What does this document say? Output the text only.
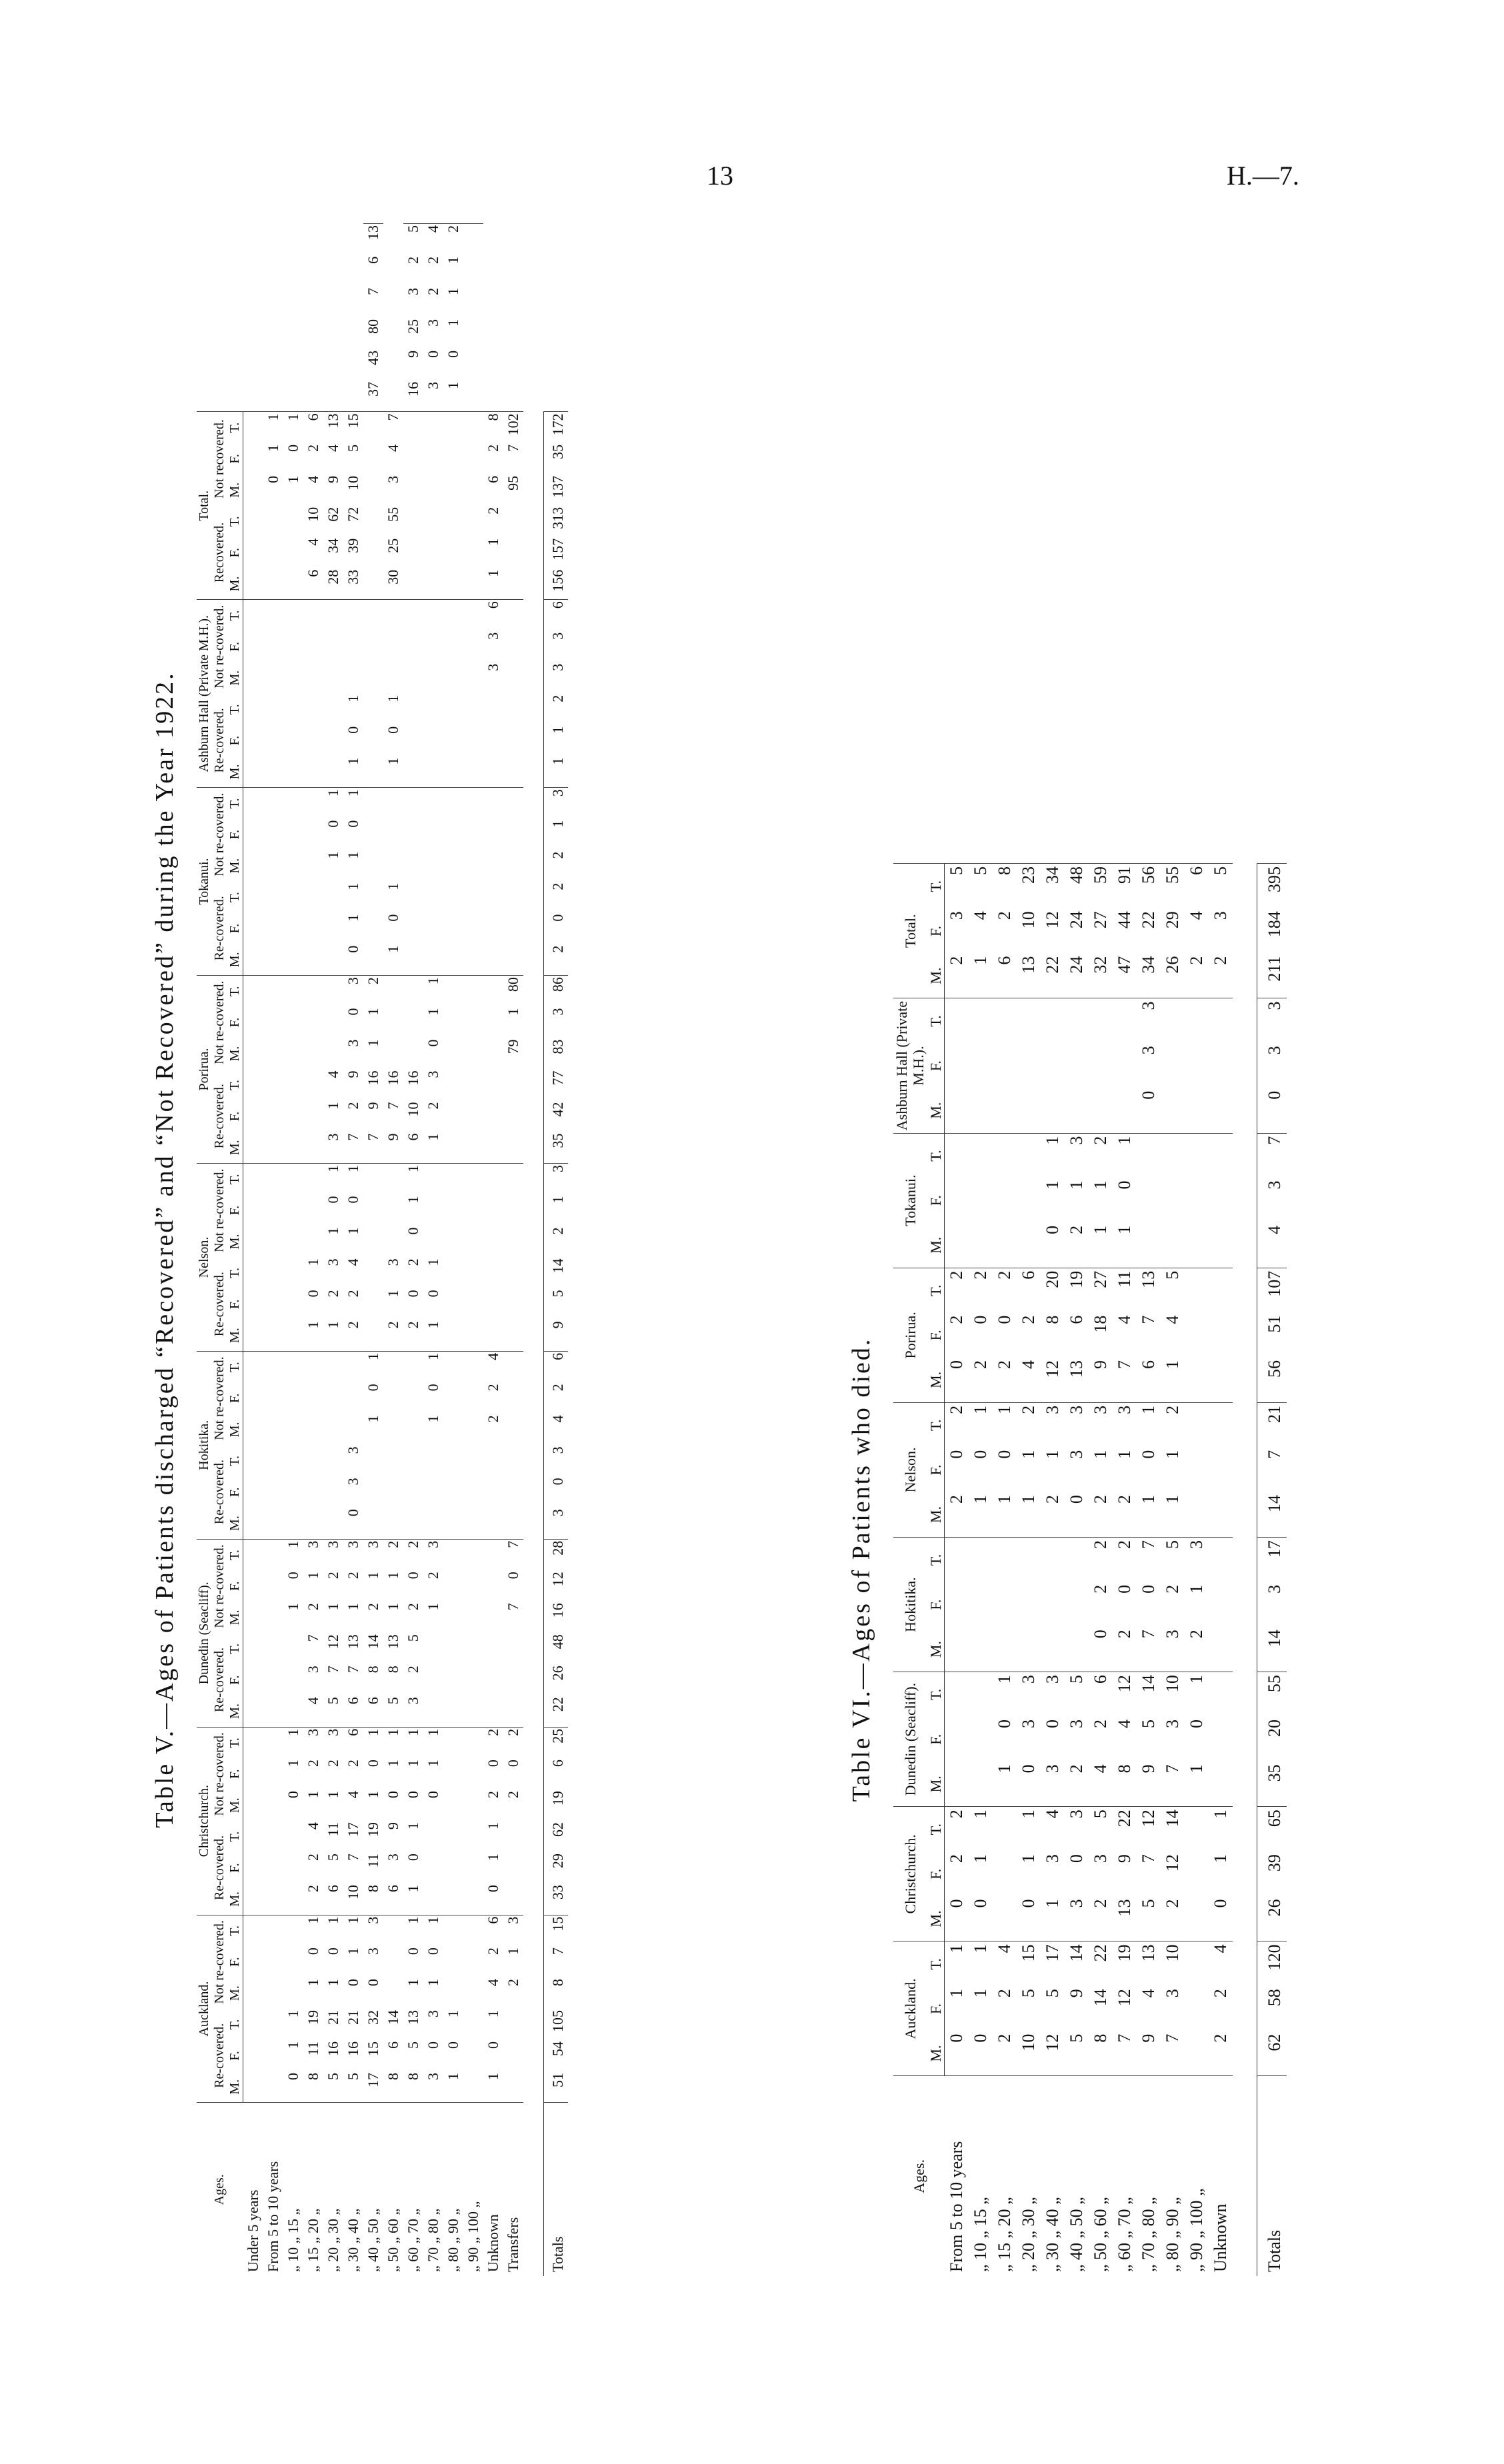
13	H.—7.
Table V.—Ages of Patients discharged “Recovered” and “Not Recovered” during the Year 1922.
Ages.	Auckland.						Christchurch.						Dunedin (Seacliff).						Hokitika.						Nelson.						Porirua.						Tokanui.						Ashburn Hall (Private M.H.).						Total.											
	Re-covered.			Not re-covered.			Re-covered.			Not re-covered.			Re-covered.			Not re-covered.			Re-covered.			Not re-covered.			Re-covered.			Not re-covered.			Re-covered.			Not re-covered.			Re-covered.			Not re-covered.			Re-covered.			Not re-covered.			Recovered.			Not recovered.								
	M.	F.	T.	M.	F.	T.	M.	F.	T.	M.	F.	T.	M.	F.	T.	M.	F.	T.	M.	F.	T.	M.	F.	T.	M.	F.	T.	M.	F.	T.	M.	F.	T.	M.	F.	T.	M.	F.	T.	M.	F.	T.	M.	F.	T.	M.	F.	T.	M.	F.	T.	M.	F.	T.						
Under 5 years																																																												
From 5 to 10 years																																																				0	1	1						
„ 10 „ 15 „	0	1	1							0	1	1				1	0	1																																		1	0	1						
„ 15 „ 20 „	8	11	19	1	0	1	2	2	4	1	2	3	4	3	7	2	1	3							1	0	1																						6	4	10	4	2	6						
„ 20 „ 30 „	5	16	21	1	0	1	6	5	11	1	2	3	5	7	12	1	2	3							1	2	3	1	0	1	3	1	4							1	0	1							28	34	62	9	4	13						
„ 30 „ 40 „	5	16	21	0	1	1	10	7	17	4	2	6	6	7	13	1	2	3	0	3	3				2	2	4	1	0	1	7	2	9	3	0	3	0	1	1	1	0	1	1	0	1				33	39	72	10	5	15						
„ 40 „ 50 „	17	15	32	0	3	3	8	11	19	1	0	1	6	8	14	2	1	3				1	0	1							7	9	16	1	1	2																			37	43	80	7	6	13
„ 50 „ 60 „	8	6	14				6	3	9	0	1	1	5	8	13	1	1	2							2	1	3				9	7	16				1	0	1				1	0	1				30	25	55	3	4	7						
„ 60 „ 70 „	8	5	13	1	0	1	1	0	1	0	1	1	3	2	5	2	0	2							2	0	2	0	1	1	6	10	16																						16	9	25	3	2	5
„ 70 „ 80 „	3	0	3	1	0	1				0	1	1				1	2	3				1	0	1	1	0	1				1	2	3	0	1	1																			3	0	3	2	2	4
„ 80 „ 90 „	1	0	1																																																				1	0	1	1	1	2
„ 90 „ 100 „																																																												
Unknown	1	0	1	4	2	6	0	1	1	2	0	2										2	2	4																						3	3	6	1	1	2	6	2	8						
Transfers				2	1	3				2	0	2				7	0	7																79	1	80																95	7	102						

Totals	51	54	105	8	7	15	33	29	62	19	6	25	22	26	48	16	12	28	3	0	3	4	2	6	9	5	14	2	1	3	35	42	77	83	3	86	2	0	2	2	1	3	1	1	2	3	3	6	156	157	313	137	35	172						
Table VI.—Ages of Patients who died.
Ages.	Auckland.			Christchurch.			Dunedin (Seacliff).			Hokitika.			Nelson.			Porirua.			Tokanui.			Ashburn Hall (Private M.H.).			Total.		
	M.	F.	T.	M.	F.	T.	M.	F.	T.	M.	F.	T.	M.	F.	T.	M.	F.	T.	M.	F.	T.	M.	F.	T.	M.	F.	T.
From 5 to 10 years	0	1	1	0	2	2							2	0	2	0	2	2							2	3	5
„ 10 „ 15 „	0	1	1	0	1	1							1	0	1	2	0	2							1	4	5
„ 15 „ 20 „	2	2	4				1	0	1				1	0	1	2	0	2							6	2	8
„ 20 „ 30 „	10	5	15	0	1	1	0	3	3				1	1	2	4	2	6							13	10	23
„ 30 „ 40 „	12	5	17	1	3	4	3	0	3				2	1	3	12	8	20	0	1	1				22	12	34
„ 40 „ 50 „	5	9	14	3	0	3	2	3	5				0	3	3	13	6	19	2	1	3				24	24	48
„ 50 „ 60 „	8	14	22	2	3	5	4	2	6	0	2	2	2	1	3	9	18	27	1	1	2				32	27	59
„ 60 „ 70 „	7	12	19	13	9	22	8	4	12	2	0	2	2	1	3	7	4	11	1	0	1				47	44	91
„ 70 „ 80 „	9	4	13	5	7	12	9	5	14	7	0	7	1	0	1	6	7	13				0	3	3	34	22	56
„ 80 „ 90 „	7	3	10	2	12	14	7	3	10	3	2	5	1	1	2	1	4	5							26	29	55
„ 90 „ 100 „							1	0	1	2	1	3													2	4	6
Unknown	2	2	4	0	1	1																			2	3	5

Totals	62	58	120	26	39	65	35	20	55	14	3	17	14	7	21	56	51	107	4	3	7	0	3	3	211	184	395
